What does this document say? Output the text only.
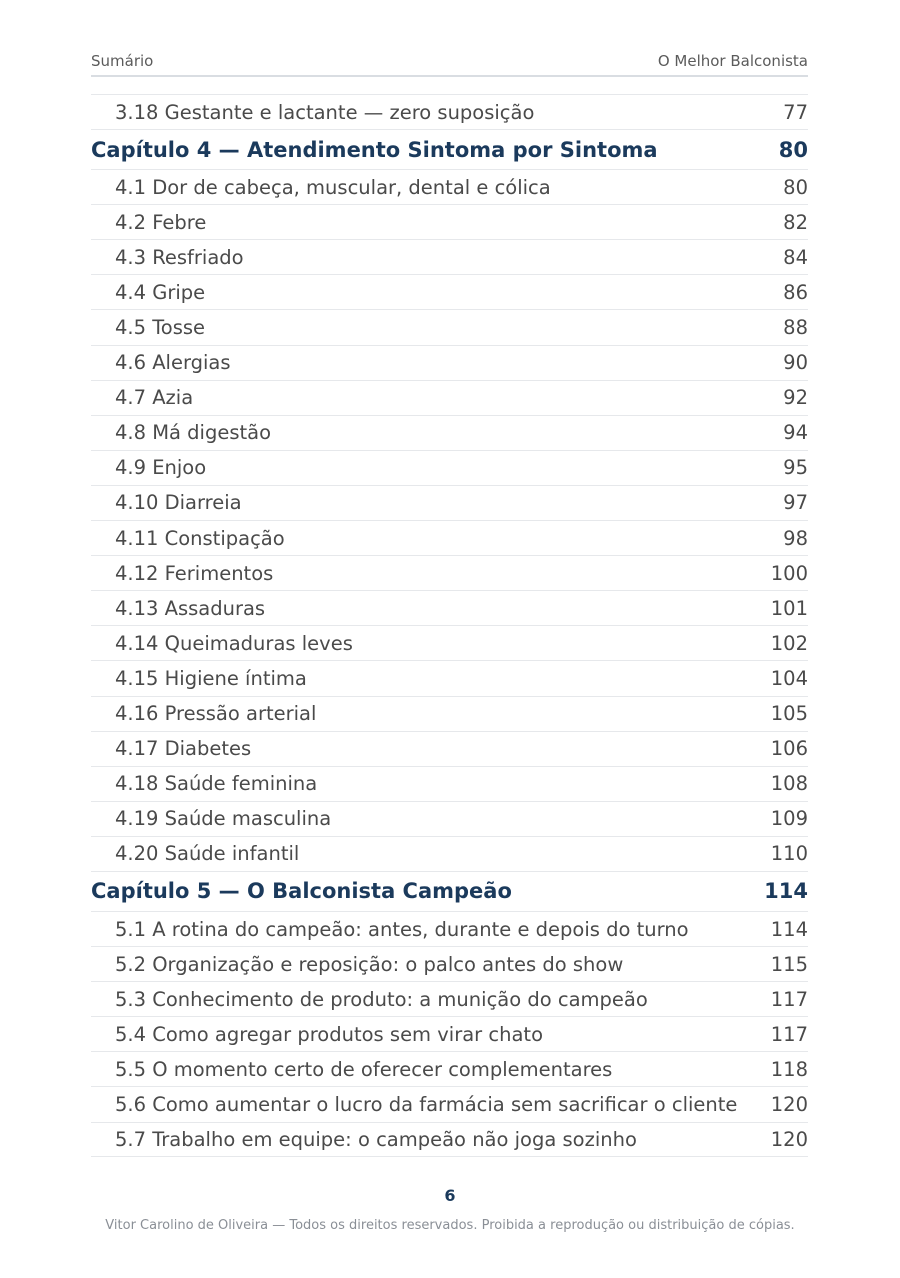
Sumário	O Melhor Balconista
3.18 Gestante e lactante — zero suposição	77
Capítulo 4 — Atendimento Sintoma por Sintoma	80
4.1 Dor de cabeça, muscular, dental e cólica	80
4.2 Febre	82
4.3 Resfriado	84
4.4 Gripe	86
4.5 Tosse	88
4.6 Alergias	90
4.7 Azia	92
4.8 Má digestão	94
4.9 Enjoo	95
4.10 Diarreia	97
4.11 Constipação	98
4.12 Ferimentos	100
4.13 Assaduras	101
4.14 Queimaduras leves	102
4.15 Higiene íntima	104
4.16 Pressão arterial	105
4.17 Diabetes	106
4.18 Saúde feminina	108
4.19 Saúde masculina	109
4.20 Saúde infantil	110
Capítulo 5 — O Balconista Campeão	114
5.1 A rotina do campeão: antes, durante e depois do turno	114
5.2 Organização e reposição: o palco antes do show	115
5.3 Conhecimento de produto: a munição do campeão	117
5.4 Como agregar produtos sem virar chato	117
5.5 O momento certo de oferecer complementares	118
5.6 Como aumentar o lucro da farmácia sem sacrificar o cliente 120
5.7 Trabalho em equipe: o campeão não joga sozinho	120
6
Vitor Carolino de Oliveira — Todos os direitos reservados. Proibida a reprodução ou distribuição de cópias.
